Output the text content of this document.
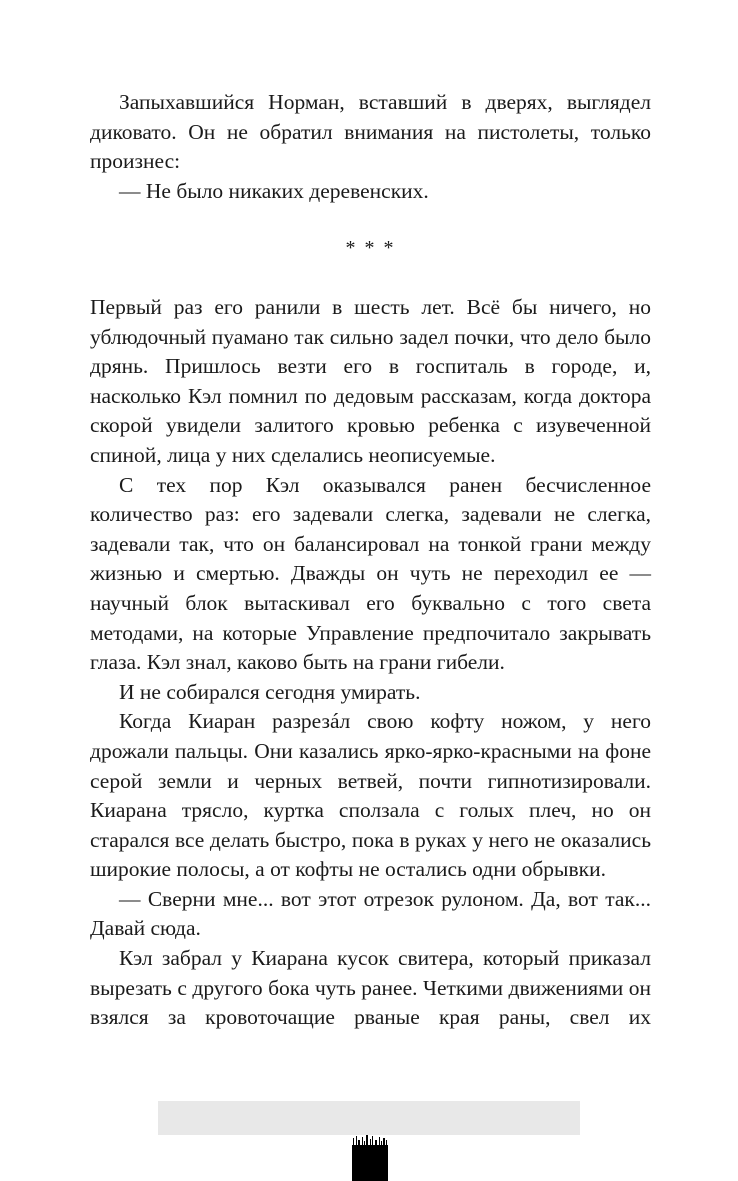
Запыхавшийся Норман, вставший в дверях, выглядел диковато. Он не обратил внимания на пистолеты, только произнес:

— Не было никаких деревенских.

* * *

Первый раз его ранили в шесть лет. Всё бы ничего, но ублюдочный пуамано так сильно задел почки, что дело было дрянь. Пришлось везти его в госпиталь в городе, и, насколько Кэл помнил по дедовым рассказам, когда доктора скорой увидели залитого кровью ребенка с изувеченной спиной, лица у них сделались неописуемые.

С тех пор Кэл оказывался ранен бесчисленное количество раз: его задевали слегка, задевали не слегка, задевали так, что он балансировал на тонкой грани между жизнью и смертью. Дважды он чуть не переходил ее — научный блок вытаскивал его буквально с того света методами, на которые Управление предпочитало закрывать глаза. Кэл знал, каково быть на грани гибели.

И не собирался сегодня умирать.

Когда Киаран разрезáл свою кофту ножом, у него дрожали пальцы. Они казались ярко-ярко-красными на фоне серой земли и черных ветвей, почти гипнотизировали. Киарана трясло, куртка сползала с голых плеч, но он старался все делать быстро, пока в руках у него не оказались широкие полосы, а от кофты не остались одни обрывки.

— Сверни мне... вот этот отрезок рулоном. Да, вот так... Давай сюда.

Кэл забрал у Киарана кусок свитера, который приказал вырезать с другого бока чуть ранее. Четкими движениями он взялся за кровоточащие рваные края раны, свел их
